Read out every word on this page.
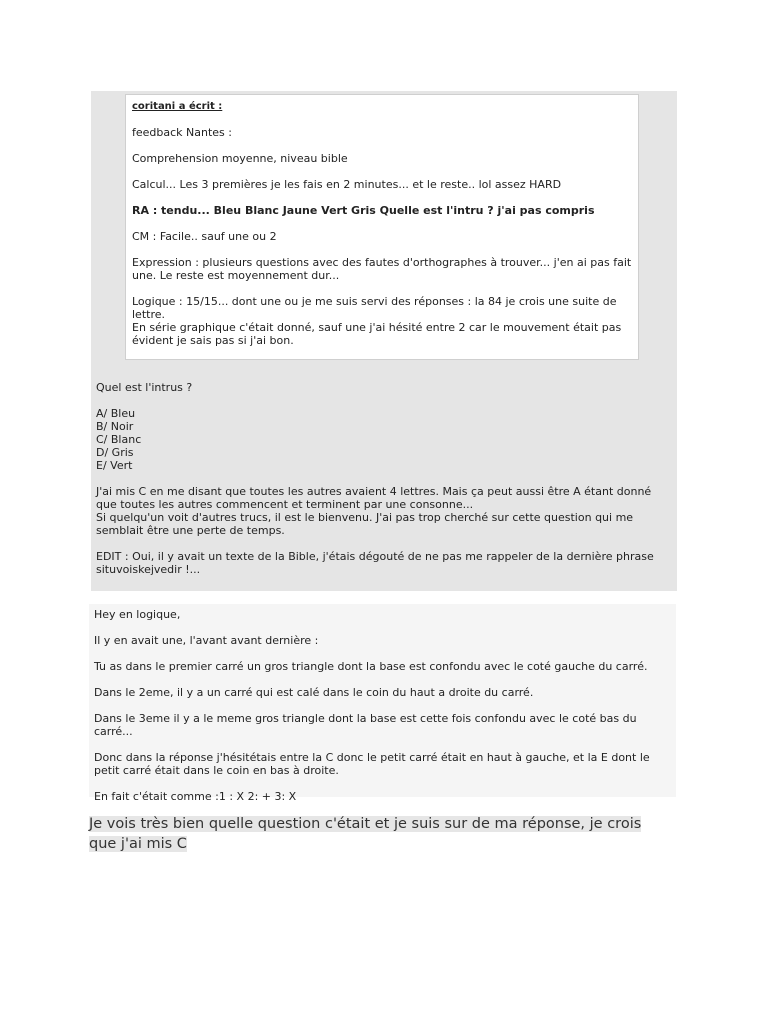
coritani a écrit :

feedback Nantes :

Comprehension moyenne, niveau bible

Calcul... Les 3 premières je les fais en 2 minutes... et le reste.. lol assez HARD

RA : tendu... Bleu Blanc Jaune Vert Gris Quelle est l'intru ? j'ai pas compris

CM : Facile.. sauf une ou 2

Expression : plusieurs questions avec des fautes d'orthographes à trouver... j'en ai pas fait une. Le reste est moyennement dur...

Logique : 15/15... dont une ou je me suis servi des réponses : la 84 je crois une suite de lettre.
En série graphique c'était donné, sauf une j'ai hésité entre 2 car le mouvement était pas évident je sais pas si j'ai bon.

Quel est l'intrus ?

A/ Bleu
B/ Noir
C/ Blanc
D/ Gris
E/ Vert

J'ai mis C en me disant que toutes les autres avaient 4 lettres. Mais ça peut aussi être A étant donné que toutes les autres commencent et terminent par une consonne...
Si quelqu'un voit d'autres trucs, il est le bienvenu. J'ai pas trop cherché sur cette question qui me semblait être une perte de temps.

EDIT : Oui, il y avait un texte de la Bible, j'étais dégouté de ne pas me rappeler de la dernière phrase situvoiskejvedir !...

Hey en logique,

Il y en avait une, l'avant avant dernière :

Tu as dans le premier carré un gros triangle dont la base est confondu avec le coté gauche du carré.

Dans le 2eme, il y a un carré qui est calé dans le coin du haut a droite du carré.

Dans le 3eme il y a le meme gros triangle dont la base est cette fois confondu avec le coté bas du carré...

Donc dans la réponse j'hésitétais entre la C donc le petit carré était en haut à gauche, et la E dont le petit carré était dans le coin en bas à droite.

En fait c'était comme :1 : X 2: + 3: X

Je vois très bien quelle question c'était et je suis sur de ma réponse, je crois que j'ai mis C
